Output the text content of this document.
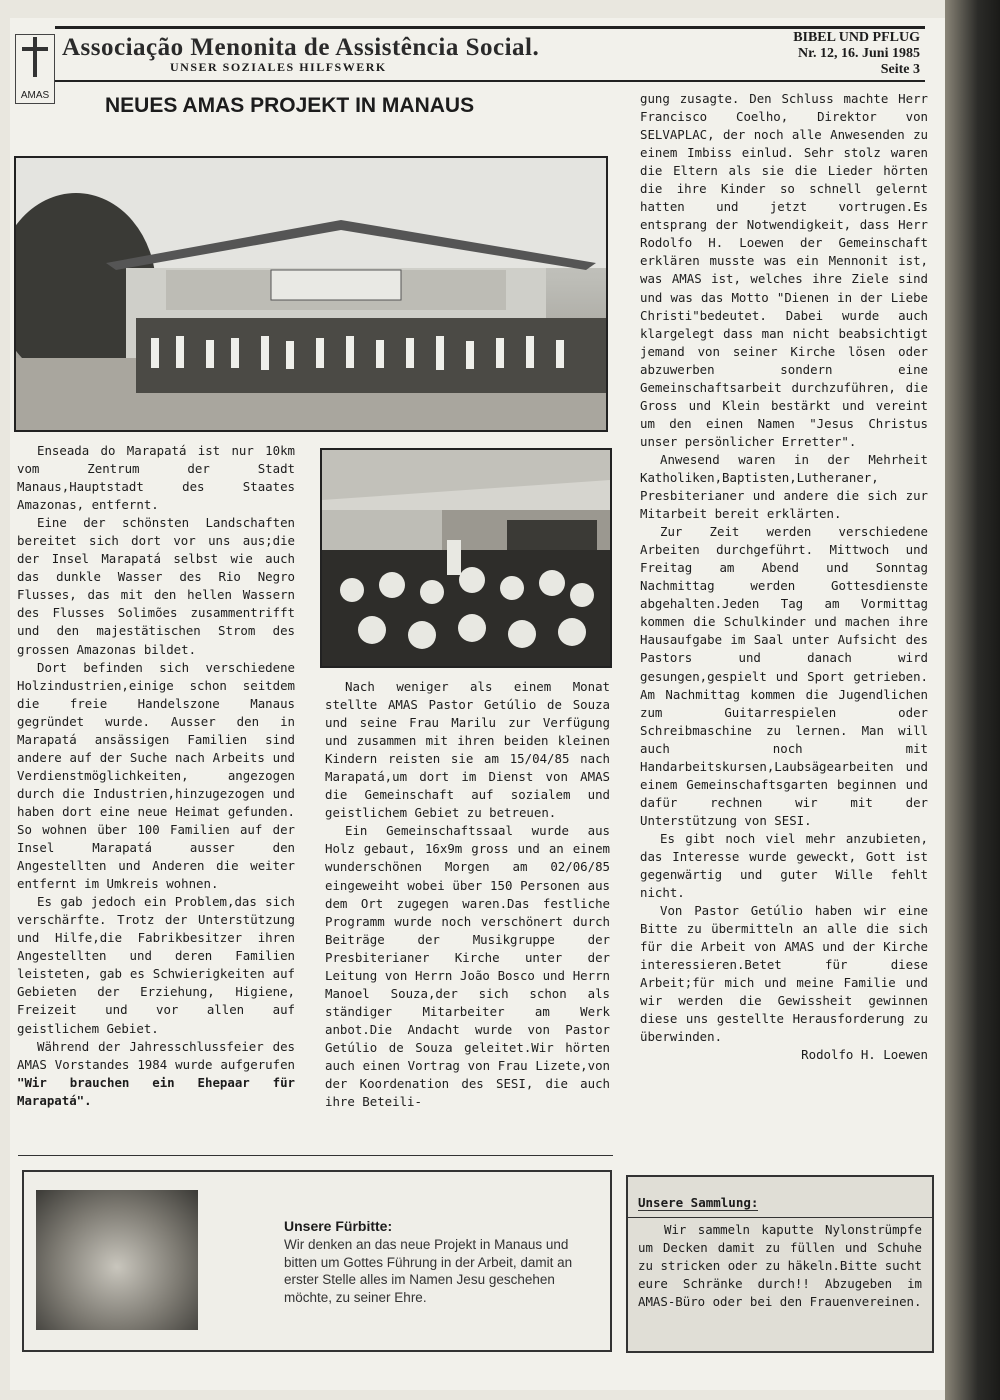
AMAS
Associação Menonita de Assistência Social.
UNSER SOZIALES HILFSWERK
BIBEL UND PFLUG
Nr. 12, 16. Juni 1985
Seite 3
NEUES AMAS PROJEKT IN MANAUS

Enseada do Marapatá ist nur 10km vom Zentrum der Stadt Manaus,Hauptstadt des Staates Amazonas, entfernt.

Eine der schönsten Landschaften bereitet sich dort vor uns aus;die der Insel Marapatá selbst wie auch das dunkle Wasser des Rio Negro Flusses, das mit den hellen Wassern des Flusses Solimões zusammentrifft und den majestätischen Strom des grossen Amazonas bildet.

Dort befinden sich verschiedene Holzindustrien,einige schon seitdem die freie Handelszone Manaus gegründet wurde. Ausser den in Marapatá ansässigen Familien sind andere auf der Suche nach Arbeits und Verdienstmöglichkeiten, angezogen durch die Industrien,hinzugezogen und haben dort eine neue Heimat gefunden. So wohnen über 100 Familien auf der Insel Marapatá ausser den Angestellten und Anderen die weiter entfernt im Umkreis wohnen.

Es gab jedoch ein Problem,das sich verschärfte. Trotz der Unterstützung und Hilfe,die Fabrikbesitzer ihren Angestellten und deren Familien leisteten, gab es Schwierigkeiten auf Gebieten der Erziehung, Higiene, Freizeit und vor allen auf geistlichem Gebiet.

Während der Jahresschlussfeier des AMAS Vorstandes 1984 wurde aufgerufen "Wir brauchen ein Ehepaar für Marapatá".

Nach weniger als einem Monat stellte AMAS Pastor Getúlio de Souza und seine Frau Marilu zur Verfügung und zusammen mit ihren beiden kleinen Kindern reisten sie am 15/04/85 nach Marapatá,um dort im Dienst von AMAS die Gemeinschaft auf sozialem und geistlichem Gebiet zu betreuen.

Ein Gemeinschaftssaal wurde aus Holz gebaut, 16x9m gross und an einem wunderschönen Morgen am 02/06/85 eingeweiht wobei über 150 Personen aus dem Ort zugegen waren.Das festliche Programm wurde noch verschönert durch Beiträge der Musikgruppe der Presbiterianer Kirche unter der Leitung von Herrn João Bosco und Herrn Manoel Souza,der sich schon als ständiger Mitarbeiter am Werk anbot.Die Andacht wurde von Pastor Getúlio de Souza geleitet.Wir hörten auch einen Vortrag von Frau Lizete,von der Koordenation des SESI, die auch ihre Beteili-

gung zusagte. Den Schluss machte Herr Francisco Coelho, Direktor von SELVAPLAC, der noch alle Anwesenden zu einem Imbiss einlud. Sehr stolz waren die Eltern als sie die Lieder hörten die ihre Kinder so schnell gelernt hatten und jetzt vortrugen.Es entsprang der Notwendigkeit, dass Herr Rodolfo H. Loewen der Gemeinschaft erklären musste was ein Mennonit ist, was AMAS ist, welches ihre Ziele sind und was das Motto "Dienen in der Liebe Christi"bedeutet. Dabei wurde auch klargelegt dass man nicht beabsichtigt jemand von seiner Kirche lösen oder abzuwerben sondern eine Gemeinschaftsarbeit durchzuführen, die Gross und Klein bestärkt und vereint um den einen Namen "Jesus Christus unser persönlicher Erretter".

Anwesend waren in der Mehrheit Katholiken,Baptisten,Lutheraner, Presbiterianer und andere die sich zur Mitarbeit bereit erklärten.

Zur Zeit werden verschiedene Arbeiten durchgeführt. Mittwoch und Freitag am Abend und Sonntag Nachmittag werden Gottesdienste abgehalten.Jeden Tag am Vormittag kommen die Schulkinder und machen ihre Hausaufgabe im Saal unter Aufsicht des Pastors und danach wird gesungen,gespielt und Sport getrieben. Am Nachmittag kommen die Jugendlichen zum Guitarrespielen oder Schreibmaschine zu lernen. Man will auch noch mit Handarbeitskursen,Laubsägearbeiten und einem Gemeinschaftsgarten beginnen und dafür rechnen wir mit der Unterstützung von SESI.

Es gibt noch viel mehr anzubieten, das Interesse wurde geweckt, Gott ist gegenwärtig und guter Wille fehlt nicht.

Von Pastor Getúlio haben wir eine Bitte zu übermitteln an alle die sich für die Arbeit von AMAS und der Kirche interessieren.Betet für diese Arbeit;für mich und meine Familie und wir werden die Gewissheit gewinnen diese uns gestellte Herausforderung zu überwinden.

Rodolfo H. Loewen
Unsere Fürbitte:
Wir denken an das neue Projekt in Manaus und bitten um Gottes Führung in der Arbeit, damit an erster Stelle alles im Namen Jesu geschehen möchte, zu seiner Ehre.
Unsere Sammlung:

Wir sammeln kaputte Nylonstrümpfe um Decken damit zu füllen und Schuhe zu stricken oder zu häkeln.Bitte sucht eure Schränke durch!! Abzugeben im AMAS-Büro oder bei den Frauenvereinen.
